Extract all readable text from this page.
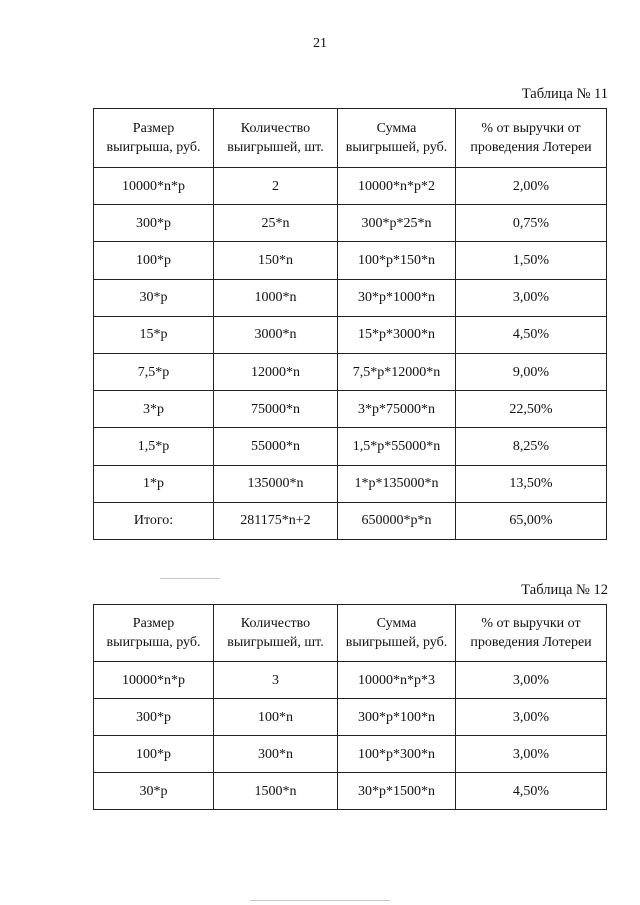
21
Таблица № 11
Размер выигрыша, руб.	Количество выигрышей, шт.	Сумма выигрышей, руб.	% от выручки от проведения Лотереи
10000*n*p	2	10000*n*p*2	2,00%
300*p	25*n	300*p*25*n	0,75%
100*p	150*n	100*p*150*n	1,50%
30*p	1000*n	30*p*1000*n	3,00%
15*p	3000*n	15*p*3000*n	4,50%
7,5*p	12000*n	7,5*p*12000*n	9,00%
3*p	75000*n	3*p*75000*n	22,50%
1,5*p	55000*n	1,5*p*55000*n	8,25%
1*p	135000*n	1*p*135000*n	13,50%
Итого:	281175*n+2	650000*p*n	65,00%
Таблица № 12
Размер выигрыша, руб.	Количество выигрышей, шт.	Сумма выигрышей, руб.	% от выручки от проведения Лотереи
10000*n*p	3	10000*n*p*3	3,00%
300*p	100*n	300*p*100*n	3,00%
100*p	300*n	100*p*300*n	3,00%
30*p	1500*n	30*p*1500*n	4,50%
